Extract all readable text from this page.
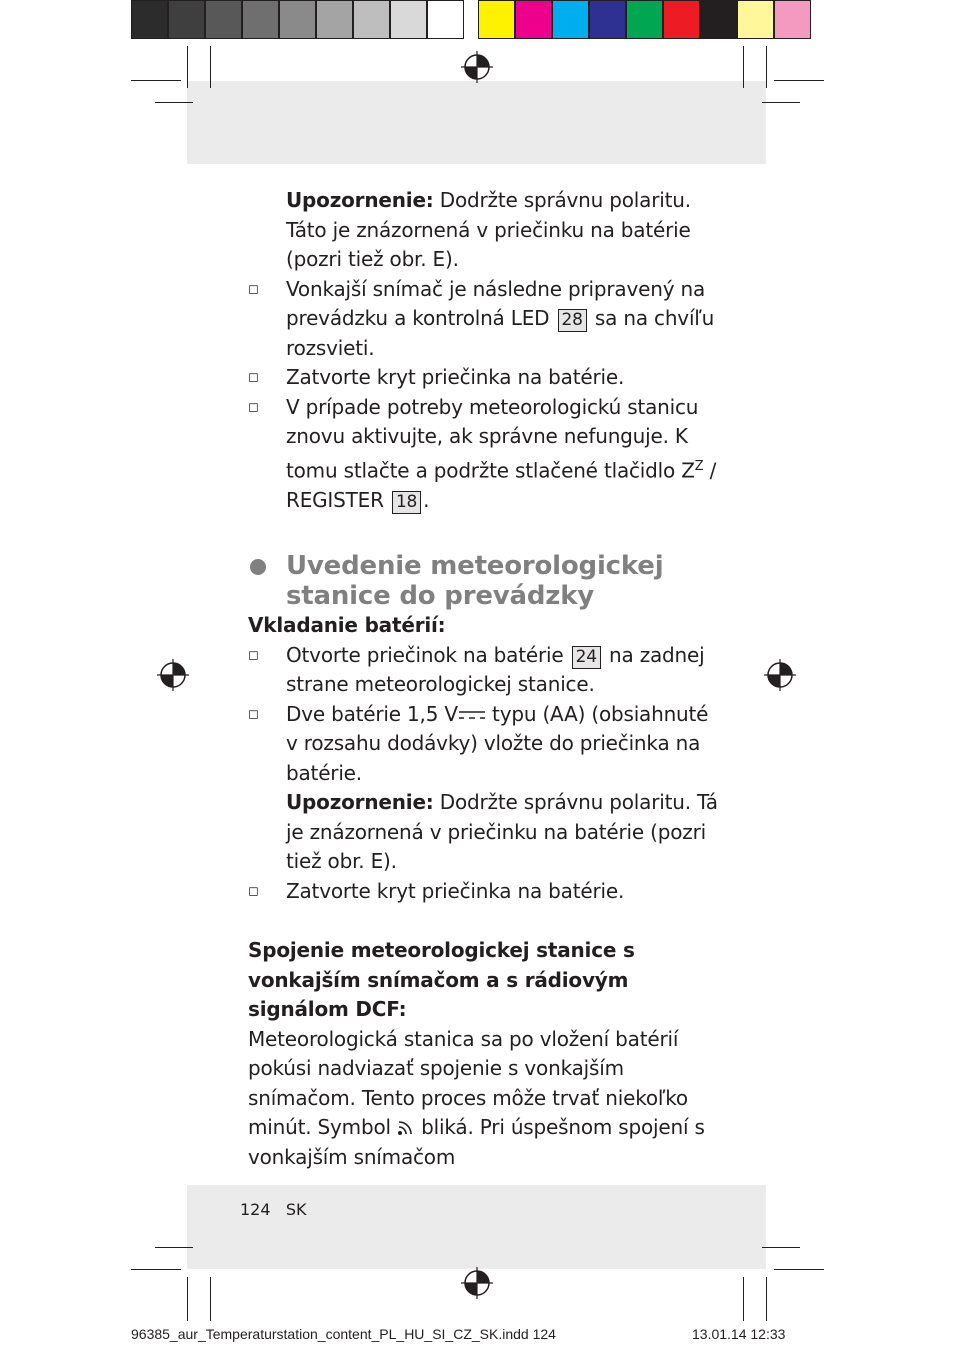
Upozornenie: Dodržte správnu polaritu. Táto je znázornená v priečinku na batérie (pozri tiež obr. E).

◻	Vonkajší snímač je následne pripravený na prevádzku a kontrolná LED 28 sa na chvíľu rozsvieti.

◻	Zatvorte kryt priečinka na batérie.

◻	V prípade potreby meteorologickú stanicu znovu aktivujte, ak správne nefunguje. K tomu stlačte a podržte stlačené tlačidlo $Z^Z$ / REGISTER 18 .

Uvedenie meteorologickej stanice do prevádzky

Vkladanie batérií:

◻	Otvorte priečinok na batérie 24 na zadnej strane meteorologickej stanice.

◻	Dve batérie 1,5 V typu (AA) (obsiahnuté v rozsahu dodávky) vložte do priečinka na batérie.

Upozornenie: Dodržte správnu polaritu. Tá je znázornená v priečinku na batérie (pozri tiež obr. E).

◻	Zatvorte kryt priečinka na batérie.

Spojenie meteorologickej stanice s vonkajším snímačom a s rádiovým signálom DCF:

Meteorologická stanica sa po vložení batérií pokúsi nadviazať spojenie s vonkajším snímačom. Tento proces môže trvať niekoľko minút. Symbol  bliká. Pri úspešnom spojení s vonkajším snímačom

124 SK
96385_aur_Temperaturstation_content_PL_HU_SI_CZ_SK.indd 124	13.01.14 12:33
